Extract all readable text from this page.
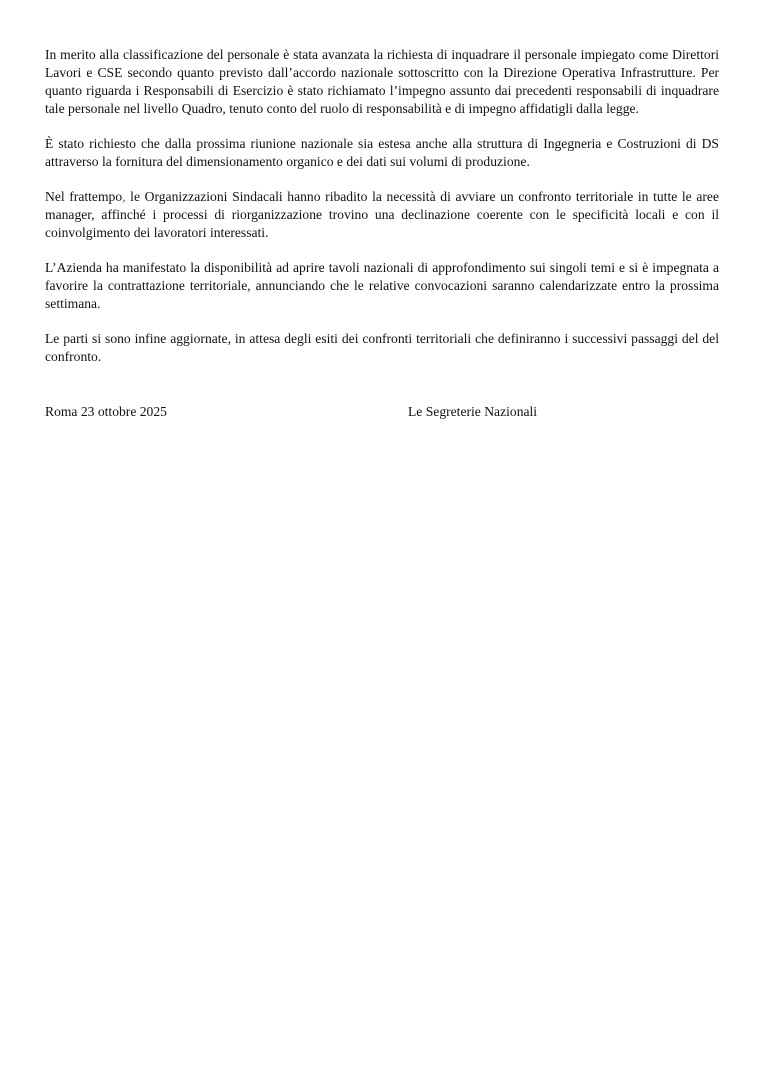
In merito alla classificazione del personale è stata avanzata la richiesta di inquadrare il personale impiegato come Direttori Lavori e CSE secondo quanto previsto dall’accordo nazionale sottoscritto con la Direzione Operativa Infrastrutture. Per quanto riguarda i Responsabili di Esercizio è stato richiamato l’impegno assunto dai precedenti responsabili di inquadrare tale personale nel livello Quadro, tenuto conto del ruolo di responsabilità e di impegno affidatigli dalla legge.

È stato richiesto che dalla prossima riunione nazionale sia estesa anche alla struttura di Ingegneria e Costruzioni di DS attraverso la fornitura del dimensionamento organico e dei dati sui volumi di produzione.

Nel frattempo, le Organizzazioni Sindacali hanno ribadito la necessità di avviare un confronto territoriale in tutte le aree manager, affinché i processi di riorganizzazione trovino una declinazione coerente con le specificità locali e con il coinvolgimento dei lavoratori interessati.

L’Azienda ha manifestato la disponibilità ad aprire tavoli nazionali di approfondimento sui singoli temi e si è impegnata a favorire la contrattazione territoriale, annunciando che le relative convocazioni saranno calendarizzate entro la prossima settimana.

Le parti si sono infine aggiornate, in attesa degli esiti dei confronti territoriali che definiranno i successivi passaggi del del confronto.

Roma 23 ottobre 2025	Le Segreterie Nazionali
